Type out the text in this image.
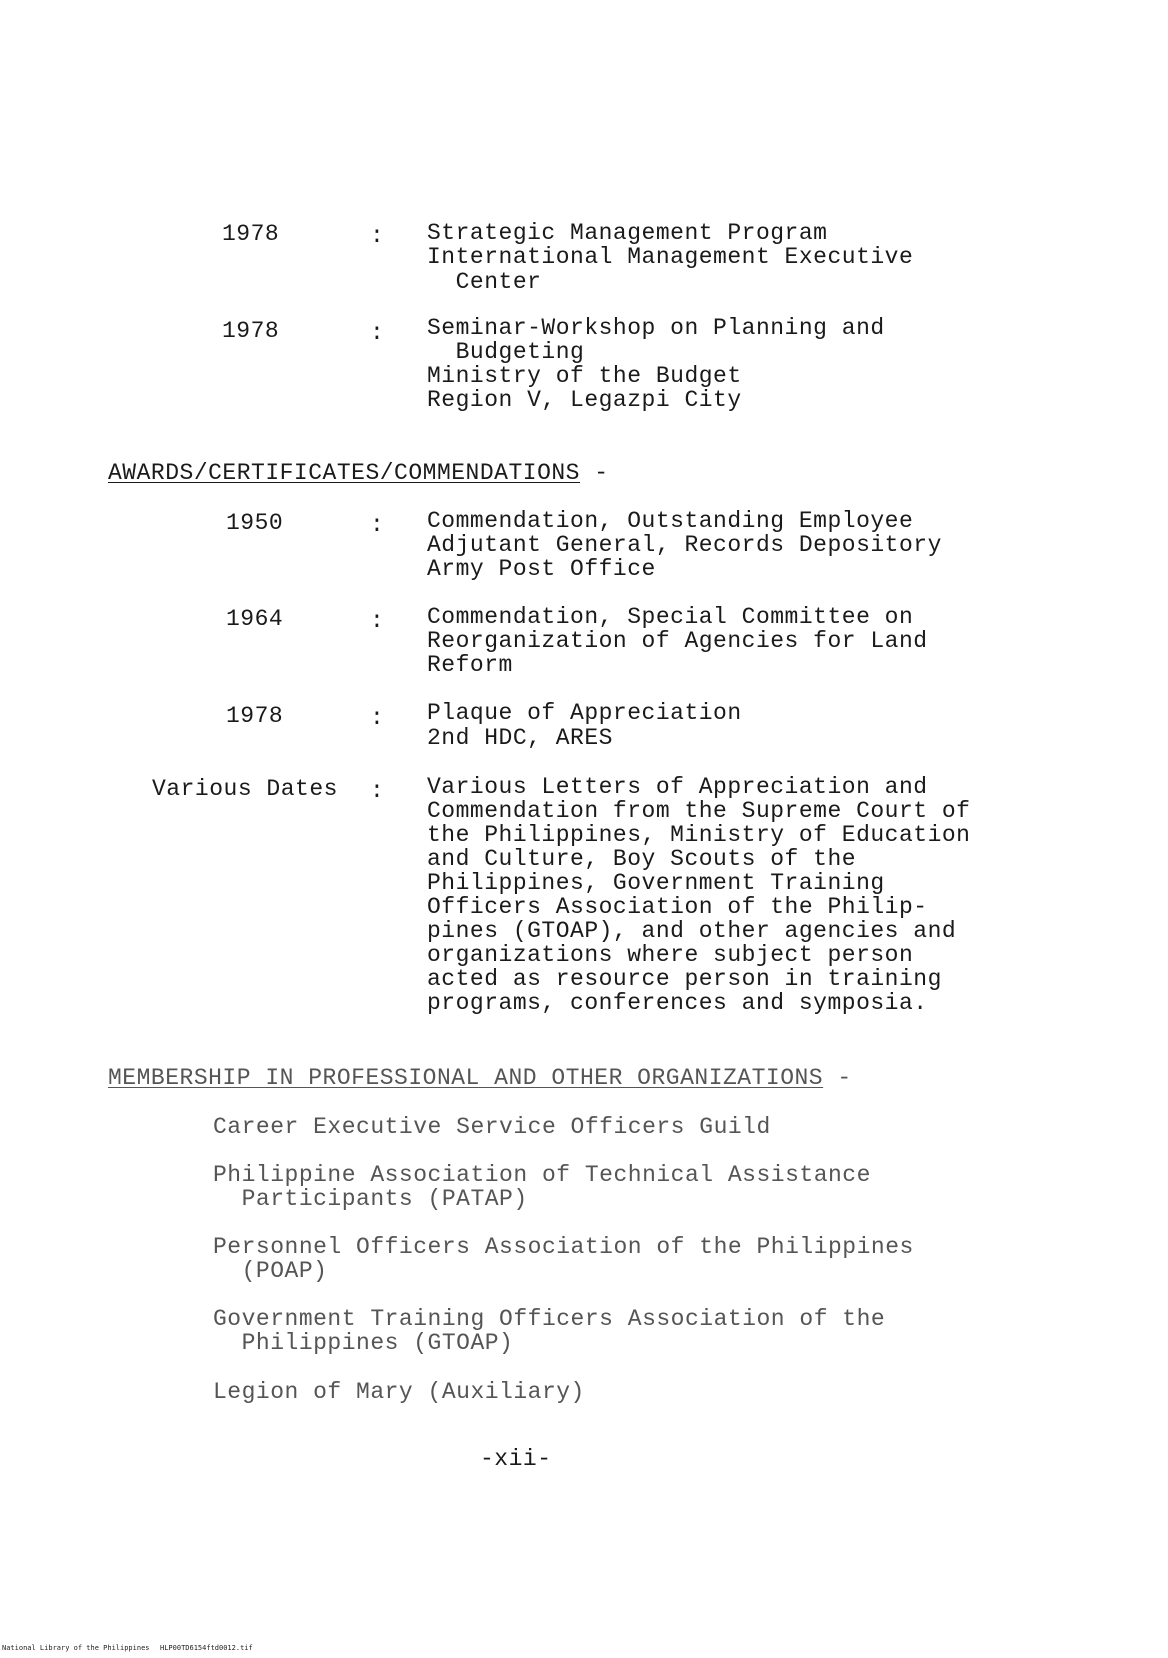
1978	: Strategic Management Program
International Management Executive
Center
1978	: Seminar-Workshop on Planning and
Budgeting
Ministry of the Budget
Region V, Legazpi City
AWARDS/CERTIFICATES/COMMENDATIONS -
1950	: Commendation, Outstanding Employee
Adjutant General, Records Depository
Army Post Office
1964	: Commendation, Special Committee on
Reorganization of Agencies for Land
Reform
1978	: Plaque of Appreciation
2nd HDC, ARES
Various Dates : Various Letters of Appreciation and
Commendation from the Supreme Court of
the Philippines, Ministry of Education
and Culture, Boy Scouts of the
Philippines, Government Training
Officers Association of the Philip-
pines (GTOAP), and other agencies and
organizations where subject person
acted as resource person in training
programs, conferences and symposia.
MEMBERSHIP IN PROFESSIONAL AND OTHER ORGANIZATIONS -
Career Executive Service Officers Guild
Philippine Association of Technical Assistance
Participants (PATAP)
Personnel Officers Association of the Philippines
(POAP)
Government Training Officers Association of the
Philippines (GTOAP)
Legion of Mary (Auxiliary)
-xii-
National Library of the Philippines HLP00TD6154ftd0012.tif
